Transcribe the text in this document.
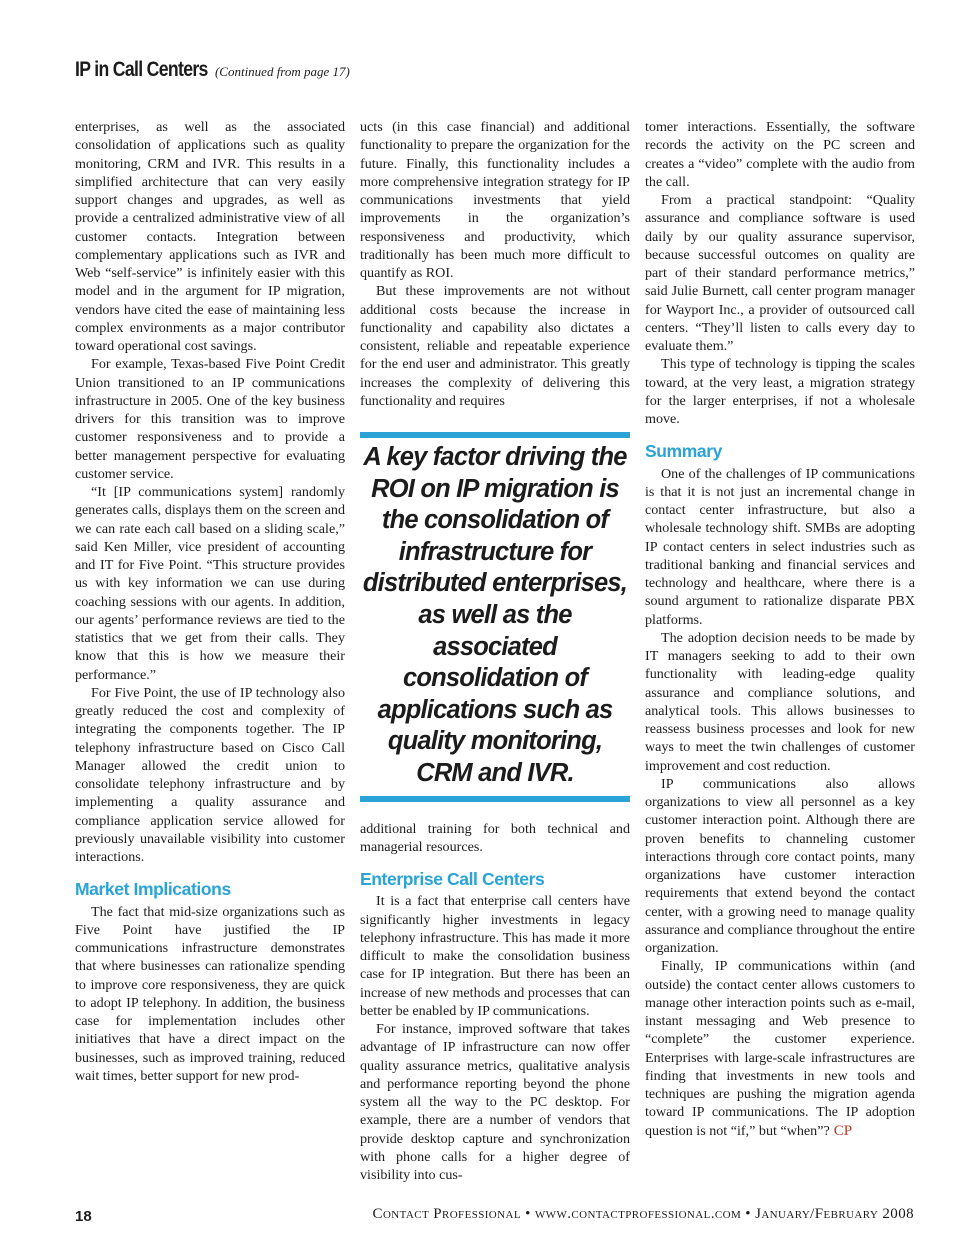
IP in Call Centers (Continued from page 17)

enterprises, as well as the associated consolidation of applications such as quality monitoring, CRM and IVR. This results in a simplified architecture that can very easily support changes and upgrades, as well as provide a centralized administrative view of all customer contacts. Integration between complementary applications such as IVR and Web “self-service” is infinitely easier with this model and in the argument for IP migration, vendors have cited the ease of maintaining less complex environments as a major contributor toward operational cost savings.

For example, Texas-based Five Point Credit Union transitioned to an IP communications infrastructure in 2005. One of the key business drivers for this transition was to improve customer responsiveness and to provide a better management perspective for evaluating customer service.

“It [IP communications system] randomly generates calls, displays them on the screen and we can rate each call based on a sliding scale,” said Ken Miller, vice president of accounting and IT for Five Point. “This structure provides us with key information we can use during coaching sessions with our agents. In addition, our agents’ performance reviews are tied to the statistics that we get from their calls. They know that this is how we measure their performance.”

For Five Point, the use of IP technology also greatly reduced the cost and complexity of integrating the components together. The IP telephony infrastructure based on Cisco Call Manager allowed the credit union to consolidate telephony infrastructure and by implementing a quality assurance and compliance application service allowed for previously unavailable visibility into customer interactions.

Market Implications

The fact that mid-size organizations such as Five Point have justified the IP communications infrastructure demonstrates that where businesses can rationalize spending to improve core responsiveness, they are quick to adopt IP telephony. In addition, the business case for implementation includes other initiatives that have a direct impact on the businesses, such as improved training, reduced wait times, better support for new prod-

ucts (in this case financial) and additional functionality to prepare the organization for the future. Finally, this functionality includes a more comprehensive integration strategy for IP communications investments that yield improvements in the organization’s responsiveness and productivity, which traditionally has been much more difficult to quantify as ROI.

But these improvements are not without additional costs because the increase in functionality and capability also dictates a consistent, reliable and repeatable experience for the end user and administrator. This greatly increases the complexity of delivering this functionality and requires

A key factor driving the ROI on IP migration is the consolidation of infrastructure for distributed enterprises, as well as the associated consolidation of applications such as quality monitoring, CRM and IVR.

additional training for both technical and managerial resources.

Enterprise Call Centers

It is a fact that enterprise call centers have significantly higher investments in legacy telephony infrastructure. This has made it more difficult to make the consolidation business case for IP integration. But there has been an increase of new methods and processes that can better be enabled by IP communications.

For instance, improved software that takes advantage of IP infrastructure can now offer quality assurance metrics, qualitative analysis and performance reporting beyond the phone system all the way to the PC desktop. For example, there are a number of vendors that provide desktop capture and synchronization with phone calls for a higher degree of visibility into cus-

tomer interactions. Essentially, the software records the activity on the PC screen and creates a “video” complete with the audio from the call.

From a practical standpoint: “Quality assurance and compliance software is used daily by our quality assurance supervisor, because successful outcomes on quality are part of their standard performance metrics,” said Julie Burnett, call center program manager for Wayport Inc., a provider of outsourced call centers. “They’ll listen to calls every day to evaluate them.”

This type of technology is tipping the scales toward, at the very least, a migration strategy for the larger enterprises, if not a wholesale move.

Summary

One of the challenges of IP communications is that it is not just an incremental change in contact center infrastructure, but also a wholesale technology shift. SMBs are adopting IP contact centers in select industries such as traditional banking and financial services and technology and healthcare, where there is a sound argument to rationalize disparate PBX platforms.

The adoption decision needs to be made by IT managers seeking to add to their own functionality with leading-edge quality assurance and compliance solutions, and analytical tools. This allows businesses to reassess business processes and look for new ways to meet the twin challenges of customer improvement and cost reduction.

IP communications also allows organizations to view all personnel as a key customer interaction point. Although there are proven benefits to channeling customer interactions through core contact points, many organizations have customer interaction requirements that extend beyond the contact center, with a growing need to manage quality assurance and compliance throughout the entire organization.

Finally, IP communications within (and outside) the contact center allows customers to manage other interaction points such as e-mail, instant messaging and Web presence to “complete” the customer experience. Enterprises with large-scale infrastructures are finding that investments in new tools and techniques are pushing the migration agenda toward IP communications. The IP adoption question is not “if,” but “when”? CP

18	Contact Professional • www.contactprofessional.com • January/February 2008
